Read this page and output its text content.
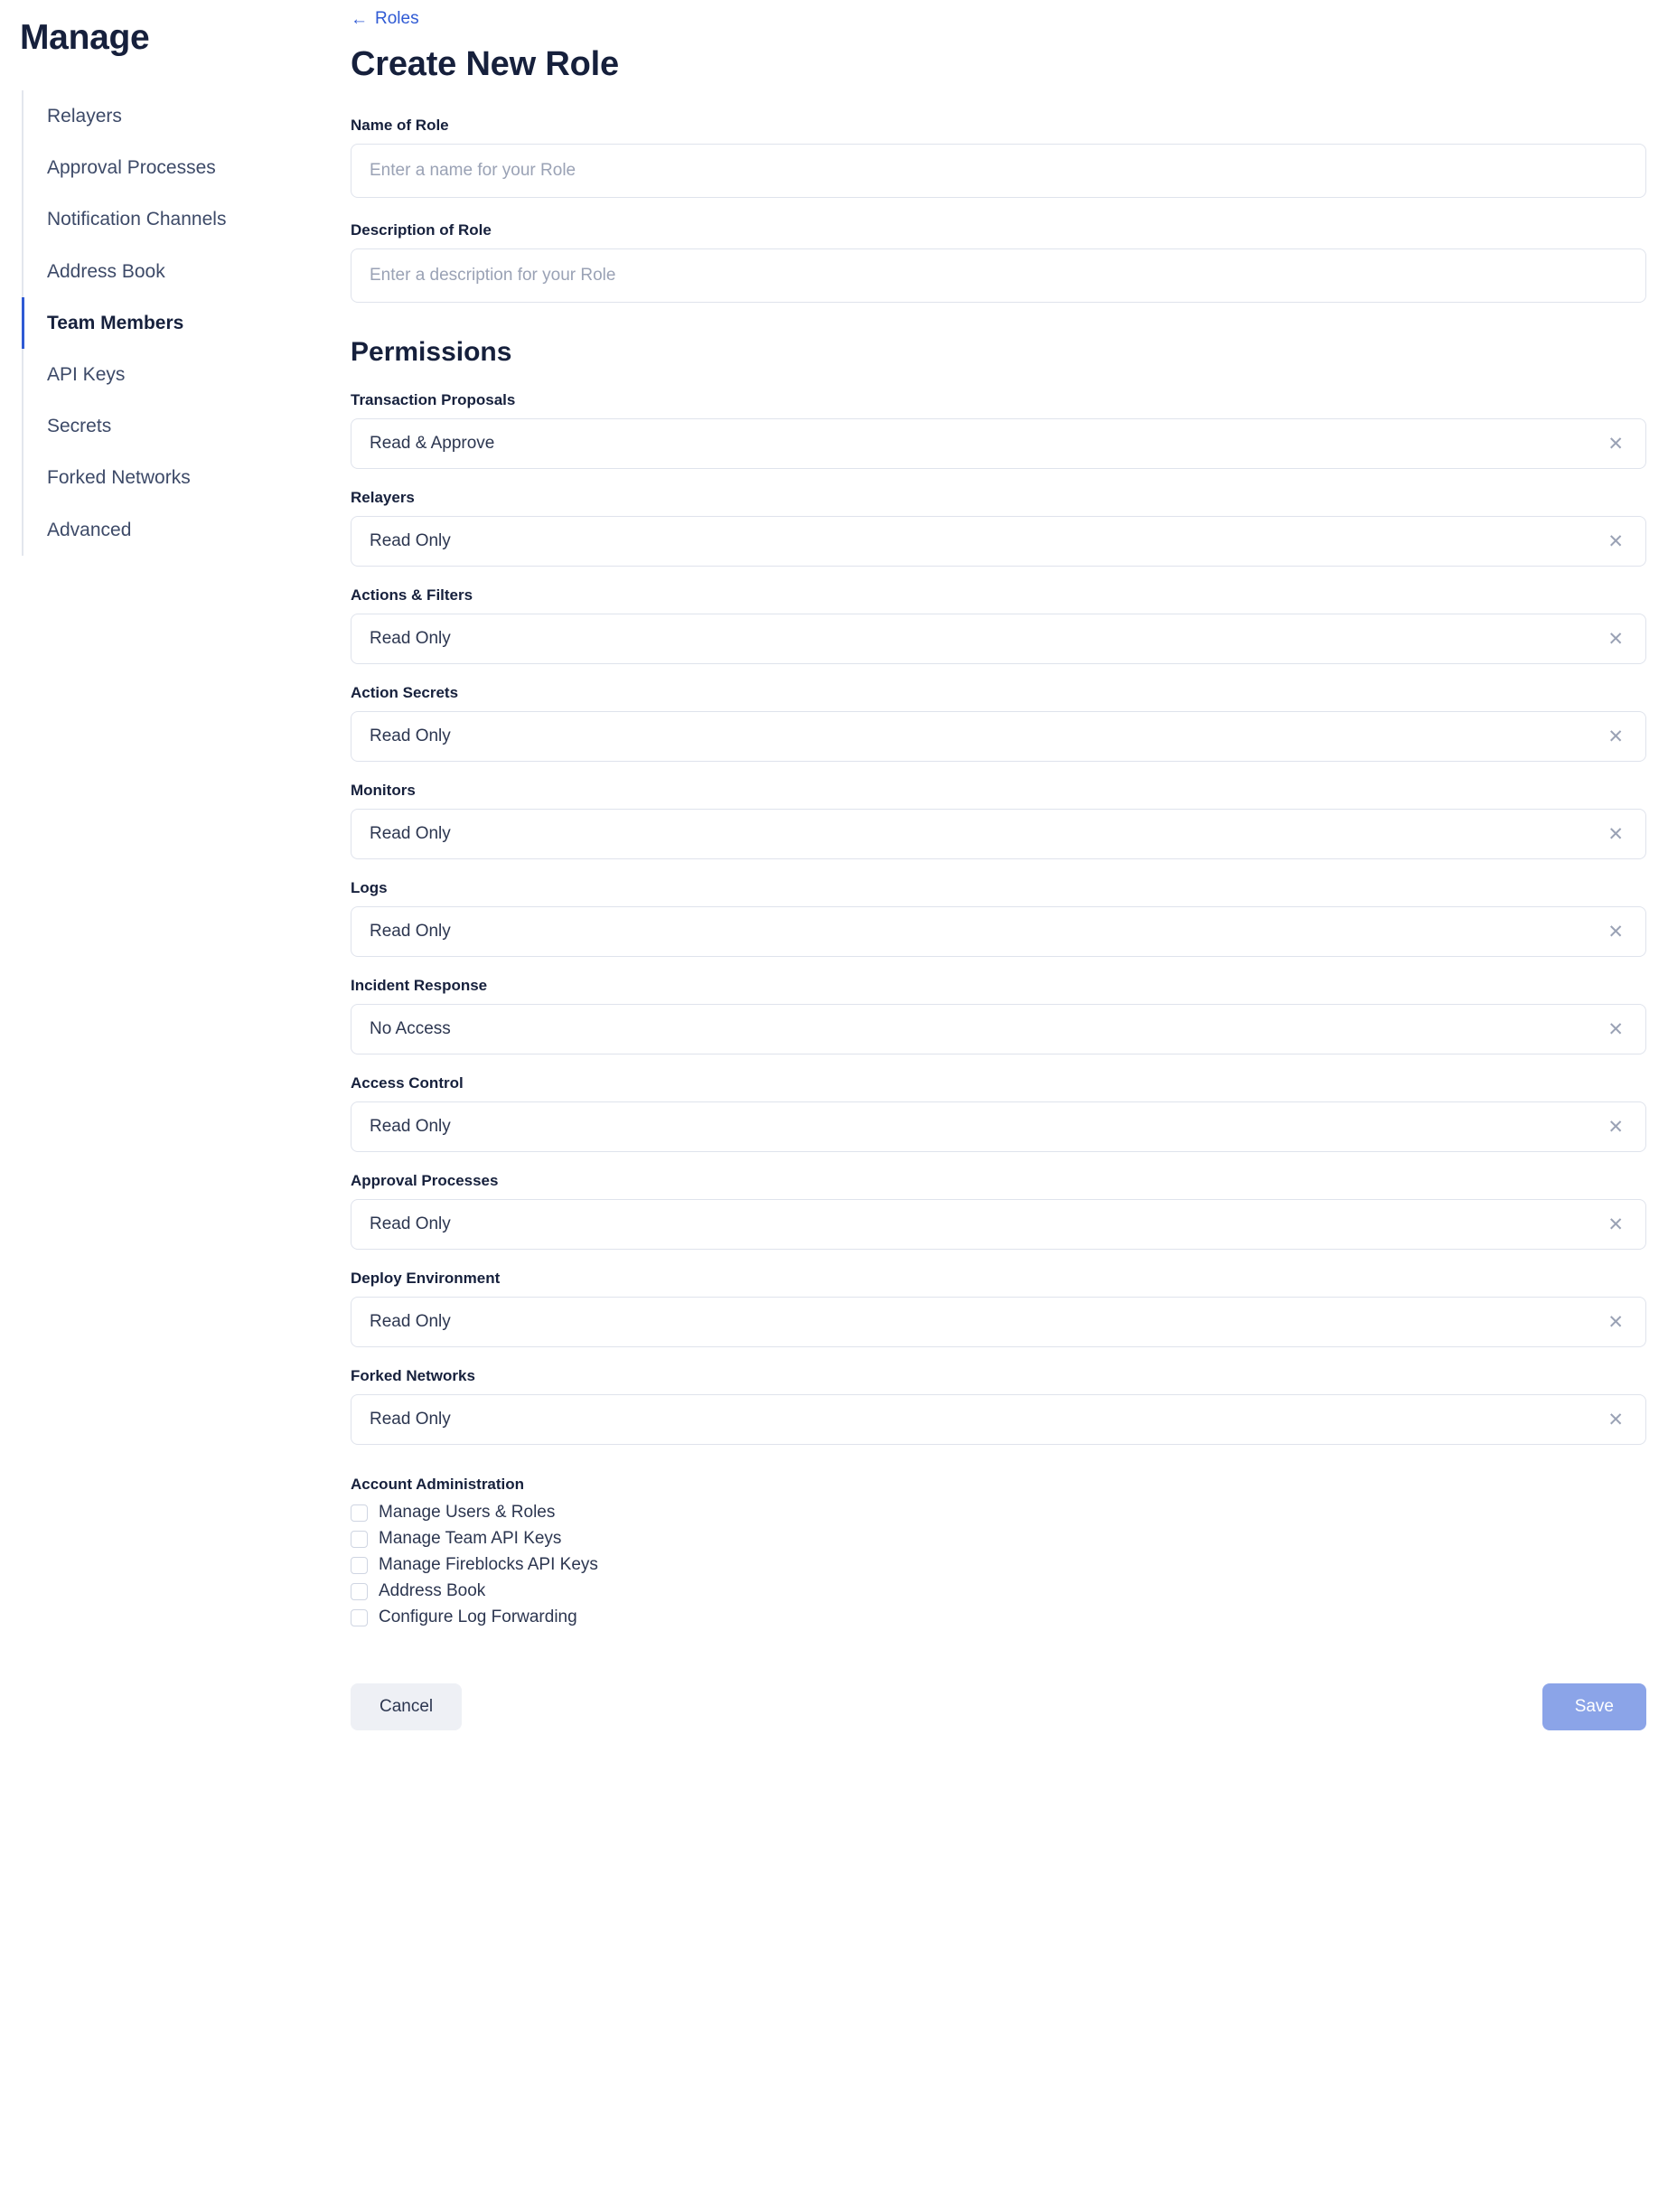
Manage
Relayers
Approval Processes
Notification Channels
Address Book
Team Members
API Keys
Secrets
Forked Networks
Advanced
← Roles
Create New Role
Name of Role
Enter a name for your Role
Description of Role
Enter a description for your Role
Permissions
Transaction Proposals
Read & Approve	✕
Relayers
Read Only	✕
Actions & Filters
Read Only	✕
Action Secrets
Read Only	✕
Monitors
Read Only	✕
Logs
Read Only	✕
Incident Response
No Access	✕
Access Control
Read Only	✕
Approval Processes
Read Only	✕
Deploy Environment
Read Only	✕
Forked Networks
Read Only	✕
Account Administration
Manage Users & Roles
Manage Team API Keys
Manage Fireblocks API Keys
Address Book
Configure Log Forwarding
Cancel	Save
